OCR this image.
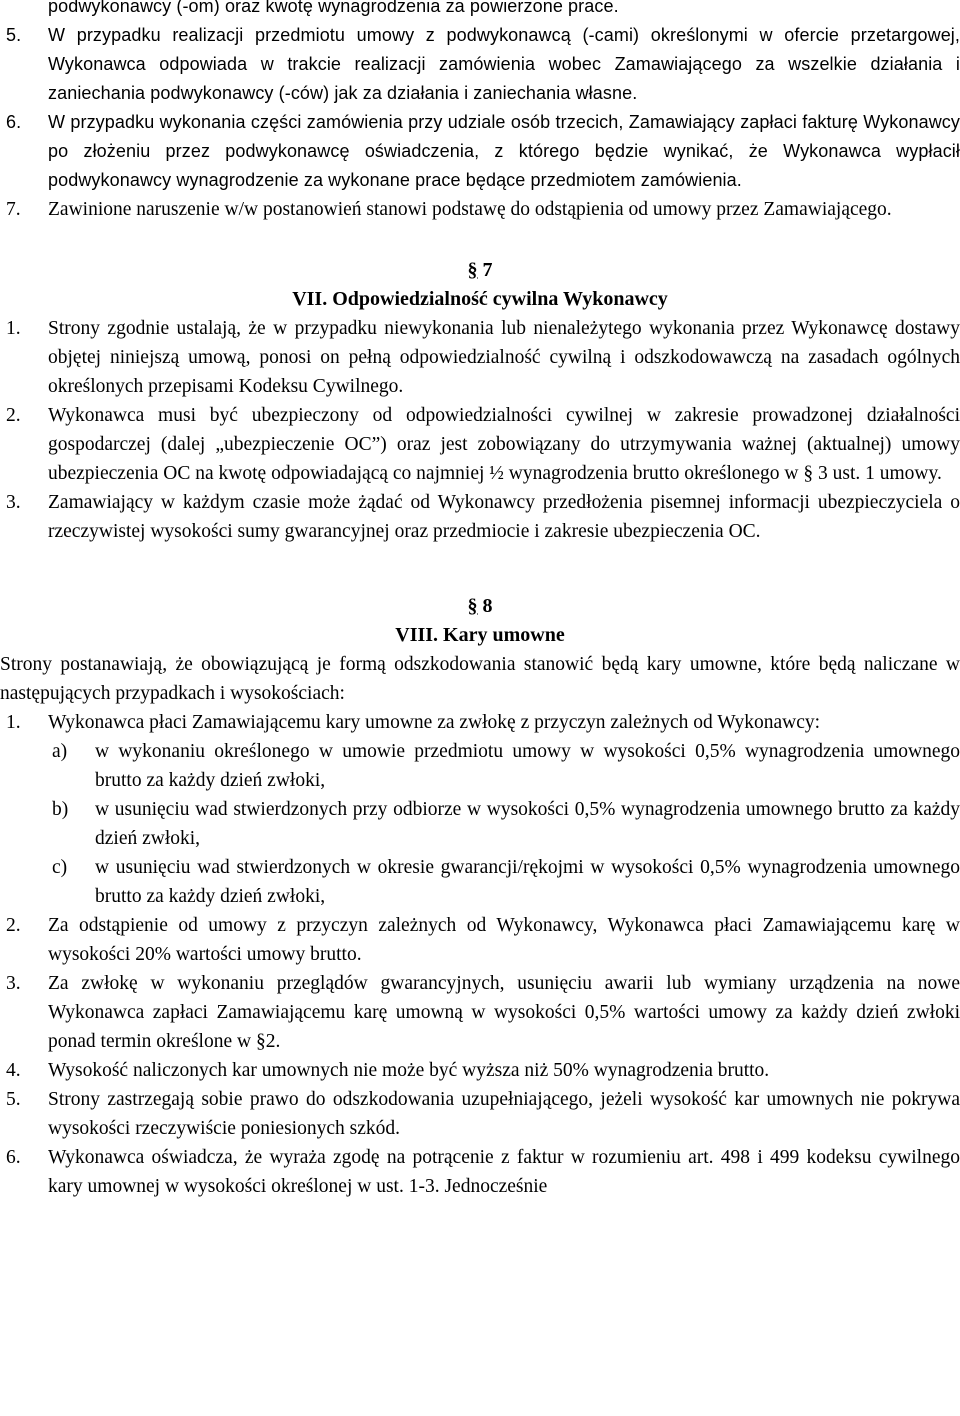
podwykonawcy (-om) oraz kwotę wynagrodzenia za powierzone prace.

5. W przypadku realizacji przedmiotu umowy z podwykonawcą (-cami) określonymi w ofercie przetargowej, Wykonawca odpowiada w trakcie realizacji zamówienia wobec Zamawiającego za wszelkie działania i zaniechania podwykonawcy (-ców) jak za działania i zaniechania własne.

6. W przypadku wykonania części zamówienia przy udziale osób trzecich, Zamawiający zapłaci fakturę Wykonawcy po złożeniu przez podwykonawcę oświadczenia, z którego będzie wynikać, że Wykonawca wypłacił podwykonawcy wynagrodzenie za wykonane prace będące przedmiotem zamówienia.

7. Zawinione naruszenie w/w postanowień stanowi podstawę do odstąpienia od umowy przez Zamawiającego.

§ 7
VII. Odpowiedzialność cywilna Wykonawcy
1. Strony zgodnie ustalają, że w przypadku niewykonania lub nienależytego wykonania przez Wykonawcę dostawy objętej niniejszą umową, ponosi on pełną odpowiedzialność cywilną i odszkodowawczą na zasadach ogólnych określonych przepisami Kodeksu Cywilnego.

2. Wykonawca musi być ubezpieczony od odpowiedzialności cywilnej w zakresie prowadzonej działalności gospodarczej (dalej „ubezpieczenie OC”) oraz jest zobowiązany do utrzymywania ważnej (aktualnej) umowy ubezpieczenia OC na kwotę odpowiadającą co najmniej ½ wynagrodzenia brutto określonego w § 3 ust. 1 umowy.

3. Zamawiający w każdym czasie może żądać od Wykonawcy przedłożenia pisemnej informacji ubezpieczyciela o rzeczywistej wysokości sumy gwarancyjnej oraz przedmiocie i zakresie ubezpieczenia OC.

§ 8
VIII. Kary umowne

Strony postanawiają, że obowiązującą je formą odszkodowania stanowić będą kary umowne, które będą naliczane w następujących przypadkach i wysokościach:

1. Wykonawca płaci Zamawiającemu kary umowne za zwłokę z przyczyn zależnych od Wykonawcy:

a) w wykonaniu określonego w umowie przedmiotu umowy w wysokości 0,5% wynagrodzenia umownego brutto za każdy dzień zwłoki,

b) w usunięciu wad stwierdzonych przy odbiorze w wysokości 0,5% wynagrodzenia umownego brutto za każdy dzień zwłoki,

c) w usunięciu wad stwierdzonych w okresie gwarancji/rękojmi w wysokości 0,5% wynagrodzenia umownego brutto za każdy dzień zwłoki,

2. Za odstąpienie od umowy z przyczyn zależnych od Wykonawcy, Wykonawca płaci Zamawiającemu karę w wysokości 20% wartości umowy brutto.

3. Za zwłokę w wykonaniu przeglądów gwarancyjnych, usunięciu awarii lub wymiany urządzenia na nowe Wykonawca zapłaci Zamawiającemu karę umowną w wysokości 0,5% wartości umowy za każdy dzień zwłoki ponad termin określone w §2.

4. Wysokość naliczonych kar umownych nie może być wyższa niż 50% wynagrodzenia brutto.

5. Strony zastrzegają sobie prawo do odszkodowania uzupełniającego, jeżeli wysokość kar umownych nie pokrywa wysokości rzeczywiście poniesionych szkód.

6. Wykonawca oświadcza, że wyraża zgodę na potrącenie z faktur w rozumieniu art. 498 i 499 kodeksu cywilnego kary umownej w wysokości określonej w ust. 1-3. Jednocześnie
